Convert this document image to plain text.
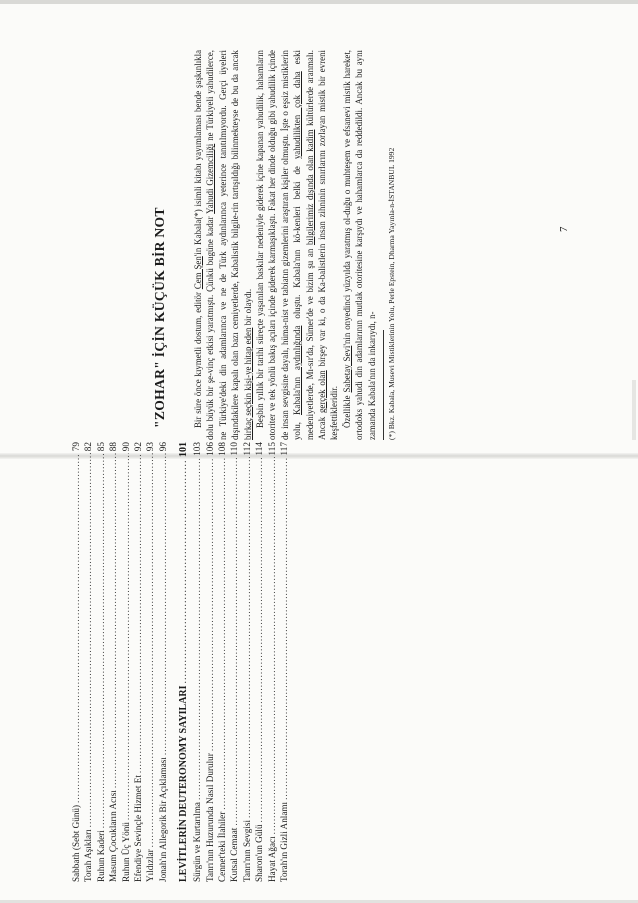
Sabbath (Sebt Günü)
.....
79
Torah Aşıkları
.....
82
Ruhun Kaderi
.....
85
Masum Çocukların Acısı
.....
88
Ruhun Üç Yönü
.....
90
Efendiye Sevinçle Hizmet Et
.....
92
Yıldızlar
.....
93
Jonah'ın Allegorik Bir Açıklaması
.....
96
LEVİTLERİN DEUTERONOMY SAYILARI
.....
101
Sürgün ve Kurtarılma
.....
103
Tanrı'nın Huzurunda Nasıl Durulur
.....
106
Cennet'teki İlahiler
.....
108
Kutsal Cemaat
.....
110
Tanrı'nın Sevgisi
.....
112
Sharon'un Gülü
.....
114
Hayat Ağacı
.....
115
Torah'ın Gizli Anlamı
.....
117
"ZOHAR" İÇİN KÜÇÜK BİR NOT	Bir süre önce kıymetli dostum, editör Cem Şen'in Kabala(*) isimli kitabı yayımlaması bende şaşkınlıkla dolu büyük bir şe-vinç etkisi yaratmıştı. Çünkü bugüne kadar Yahudi Gizemciliği ne Türkiyeli yahudilerce, ne Türkiye'deki din adamlarınca ve ne de Türk aydınlarınca yeterince tanıtılmıyordu. Gerçi üyeleri dışındakilere kapalı olan bazı cemiyetlerde, Kabalistik bilgile-rin tartışıldığı bilinmekteyse de bu da ancak birkaç seçkin kişi-ye hitap eden bir olaydı. Beşbin yıllık bir tarihi süreçte yaşanılan baskılar nedeniyle giderek içine kapanan yahudilik, hahamların otoriter ve tek yönlü bakış açıları içinde giderek karmaşıklaştı. Fakat her dinde olduğu gibi yahudilik içinde de insan sevgisine dayalı, hüma-nist ve tabiatın gizemlerini araştıran kişiler olmuştu. İşte o eşsiz mistiklerin yolu, Kabala'nın aydınlığında oluştu. Kabala'nın kö-kenleri belki de yahudilikten çok daha eski medeniyetlerde, Mı-sır'da, Sümer'de ve bizim şu an bilgilerimiz dışında olan kadim kültürlerde aranmalı. Ancak gerçek olan birşey var ki, o da Ka-balistlerin insan zihninin sınırlarını zorlayan mistik bir evreni keşfettikleridir. Özellikle Sabetay Sevi'nin onyedinci yüzyılda yaratmış ol-duğu o muhteşem ve efsanevi mistik hareket, ortodoks yahudi din adamlarının mutlak otoritesine karşıydı ve hahamlarca da reddedildi. Ancak bu aynı zamanda Kabala'nın da inkarıydı, n- (*) Bkz. Kabala, Musevi Mistiklerinin Yolu, Perle Epstein, Dharma Yayınla-n-İSTANBUL 1992	7
